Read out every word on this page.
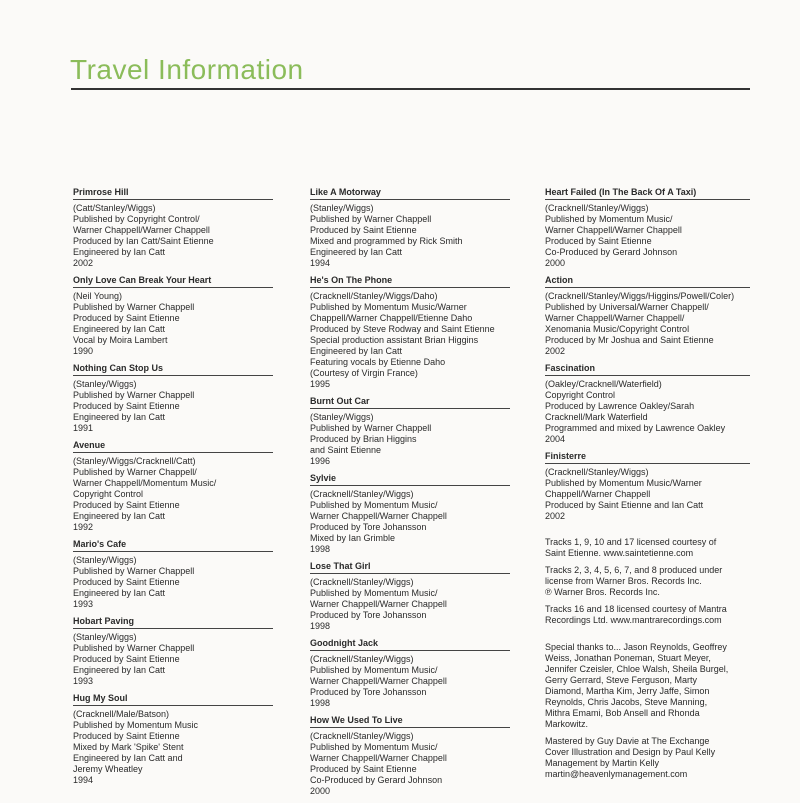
Travel Information
Primrose Hill
(Catt/Stanley/Wiggs)
Published by Copyright Control/
Warner Chappell/Warner Chappell
Produced by Ian Catt/Saint Etienne
Engineered by Ian Catt
2002
Only Love Can Break Your Heart
(Neil Young)
Published by Warner Chappell
Produced by Saint Etienne
Engineered by Ian Catt
Vocal by Moira Lambert
1990
Nothing Can Stop Us
(Stanley/Wiggs)
Published by Warner Chappell
Produced by Saint Etienne
Engineered by Ian Catt
1991
Avenue
(Stanley/Wiggs/Cracknell/Catt)
Published by Warner Chappell/
Warner Chappell/Momentum Music/
Copyright Control
Produced by Saint Etienne
Engineered by Ian Catt
1992
Mario's Cafe
(Stanley/Wiggs)
Published by Warner Chappell
Produced by Saint Etienne
Engineered by Ian Catt
1993
Hobart Paving
(Stanley/Wiggs)
Published by Warner Chappell
Produced by Saint Etienne
Engineered by Ian Catt
1993
Hug My Soul
(Cracknell/Male/Batson)
Published by Momentum Music
Produced by Saint Etienne
Mixed by Mark 'Spike' Stent
Engineered by Ian Catt and
Jeremy Wheatley
1994
Like A Motorway
(Stanley/Wiggs)
Published by Warner Chappell
Produced by Saint Etienne
Mixed and programmed by Rick Smith
Engineered by Ian Catt
1994
He's On The Phone
(Cracknell/Stanley/Wiggs/Daho)
Published by Momentum Music/Warner
Chappell/Warner Chappell/Etienne Daho
Produced by Steve Rodway and Saint Etienne
Special production assistant Brian Higgins
Engineered by Ian Catt
Featuring vocals by Etienne Daho
(Courtesy of Virgin France)
1995
Burnt Out Car
(Stanley/Wiggs)
Published by Warner Chappell
Produced by Brian Higgins
and Saint Etienne
1996
Sylvie
(Cracknell/Stanley/Wiggs)
Published by Momentum Music/
Warner Chappell/Warner Chappell
Produced by Tore Johansson
Mixed by Ian Grimble
1998
Lose That Girl
(Cracknell/Stanley/Wiggs)
Published by Momentum Music/
Warner Chappell/Warner Chappell
Produced by Tore Johansson
1998
Goodnight Jack
(Cracknell/Stanley/Wiggs)
Published by Momentum Music/
Warner Chappell/Warner Chappell
Produced by Tore Johansson
1998
How We Used To Live
(Cracknell/Stanley/Wiggs)
Published by Momentum Music/
Warner Chappell/Warner Chappell
Produced by Saint Etienne
Co-Produced by Gerard Johnson
2000
Heart Failed (In The Back Of A Taxi)
(Cracknell/Stanley/Wiggs)
Published by Momentum Music/
Warner Chappell/Warner Chappell
Produced by Saint Etienne
Co-Produced by Gerard Johnson
2000
Action
(Cracknell/Stanley/Wiggs/Higgins/Powell/Coler)
Published by Universal/Warner Chappell/
Warner Chappell/Warner Chappell/
Xenomania Music/Copyright Control
Produced by Mr Joshua and Saint Etienne
2002
Fascination
(Oakley/Cracknell/Waterfield)
Copyright Control
Produced by Lawrence Oakley/Sarah
Cracknell/Mark Waterfield
Programmed and mixed by Lawrence Oakley
2004
Finisterre
(Cracknell/Stanley/Wiggs)
Published by Momentum Music/Warner
Chappell/Warner Chappell
Produced by Saint Etienne and Ian Catt
2002
Tracks 1, 9, 10 and 17 licensed courtesy of
Saint Etienne. www.saintetienne.com
Tracks 2, 3, 4, 5, 6, 7, and 8 produced under
license from Warner Bros. Records Inc.
℗ Warner Bros. Records Inc.
Tracks 16 and 18 licensed courtesy of Mantra
Recordings Ltd. www.mantrarecordings.com
Special thanks to... Jason Reynolds, Geoffrey
Weiss, Jonathan Poneman, Stuart Meyer,
Jennifer Czeisler, Chloe Walsh, Sheila Burgel,
Gerry Gerrard, Steve Ferguson, Marty
Diamond, Martha Kim, Jerry Jaffe, Simon
Reynolds, Chris Jacobs, Steve Manning,
Mithra Emami, Bob Ansell and Rhonda
Markowitz.
Mastered by Guy Davie at The Exchange
Cover Illustration and Design by Paul Kelly
Management by Martin Kelly
martin@heavenlymanagement.com
